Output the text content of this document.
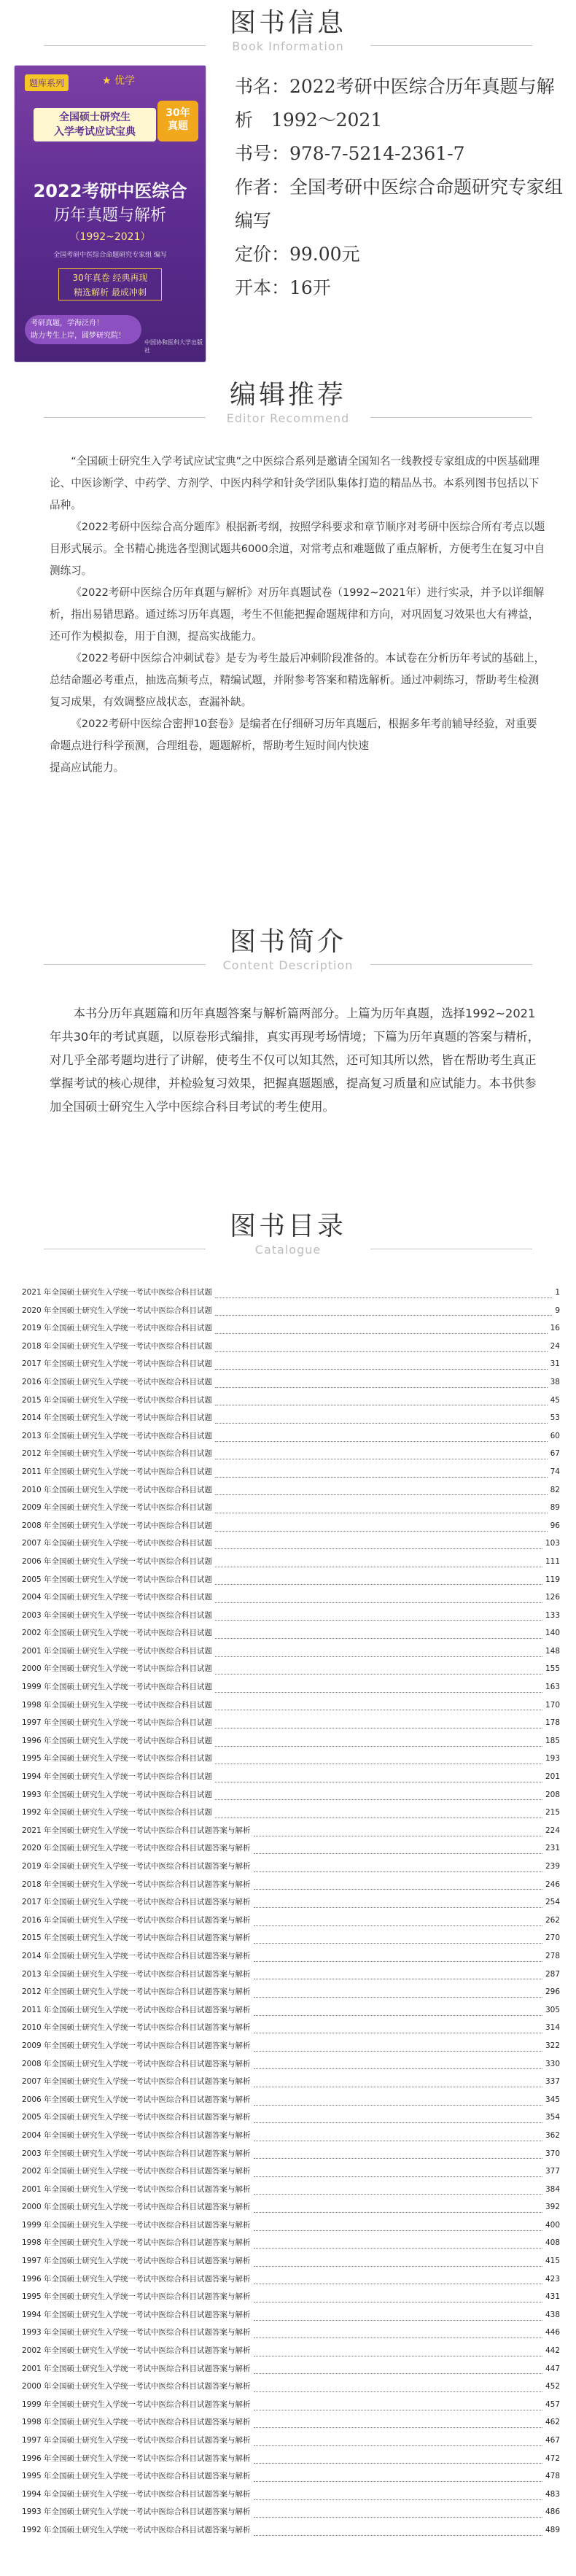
图书信息
Book Information
题库系列	★ 优学
全国硕士研究生
入学考试应试宝典
30年
真题
2022考研中医综合
历年真题与解析
（1992~2021）
全国考研中医综合命题研究专家组 编写
30年真卷 经典再现
精选解析 最成冲刺
考研真题，学海泛舟！
助力考生上岸，圆梦研究院！
中国协和医科大学出版社
书名：2022考研中医综合历年真题与解析　1992～2021
书号：978-7-5214-2361-7
作者：全国考研中医综合命题研究专家组编写
定价：99.00元
开本：16开
编辑推荐
Editor Recommend

“全国硕士研究生入学考试应试宝典”之中医综合系列是邀请全国知名一线教授专家组成的中医基础理论、中医诊断学、中药学、方剂学、中医内科学和针灸学团队集体打造的精品丛书。本系列图书包括以下品种。

《2022考研中医综合高分题库》根据新考纲，按照学科要求和章节顺序对考研中医综合所有考点以题目形式展示。全书精心挑选各型测试题共6000余道，对常考点和难题做了重点解析，方便考生在复习中自测练习。

《2022考研中医综合历年真题与解析》对历年真题试卷（1992~2021年）进行实录，并予以详细解析，指出易错思路。通过练习历年真题，考生不但能把握命题规律和方向，对巩固复习效果也大有裨益，还可作为模拟卷，用于自测，提高实战能力。

《2022考研中医综合冲刺试卷》是专为考生最后冲刺阶段准备的。本试卷在分析历年考试的基础上，总结命题必考重点，抽选高频考点，精编试题，并附参考答案和精选解析。通过冲刺练习，帮助考生检测复习成果，有效调整应战状态，查漏补缺。

《2022考研中医综合密押10套卷》是编者在仔细研习历年真题后，根据多年考前辅导经验，对重要命题点进行科学预测，合理组卷，题题解析，帮助考生短时间内快速

提高应试能力。

图书简介
Content Description

本书分历年真题篇和历年真题答案与解析篇两部分。上篇为历年真题，选择1992~2021年共30年的考试真题，以原卷形式编排，真实再现考场情境；下篇为历年真题的答案与精析，对几乎全部考题均进行了讲解，使考生不仅可以知其然，还可知其所以然，皆在帮助考生真正掌握考试的核心规律，并检验复习效果，把握真题题感，提高复习质量和应试能力。本书供参加全国硕士研究生入学中医综合科目考试的考生使用。

图书目录
Catalogue
2021 年全国硕士研究生入学统一考试中医综合科目试题	1
2020 年全国硕士研究生入学统一考试中医综合科目试题	9
2019 年全国硕士研究生入学统一考试中医综合科目试题	16
2018 年全国硕士研究生入学统一考试中医综合科目试题	24
2017 年全国硕士研究生入学统一考试中医综合科目试题	31
2016 年全国硕士研究生入学统一考试中医综合科目试题	38
2015 年全国硕士研究生入学统一考试中医综合科目试题	45
2014 年全国硕士研究生入学统一考试中医综合科目试题	53
2013 年全国硕士研究生入学统一考试中医综合科目试题	60
2012 年全国硕士研究生入学统一考试中医综合科目试题	67
2011 年全国硕士研究生入学统一考试中医综合科目试题	74
2010 年全国硕士研究生入学统一考试中医综合科目试题	82
2009 年全国硕士研究生入学统一考试中医综合科目试题	89
2008 年全国硕士研究生入学统一考试中医综合科目试题	96
2007 年全国硕士研究生入学统一考试中医综合科目试题	103
2006 年全国硕士研究生入学统一考试中医综合科目试题	111
2005 年全国硕士研究生入学统一考试中医综合科目试题	119
2004 年全国硕士研究生入学统一考试中医综合科目试题	126
2003 年全国硕士研究生入学统一考试中医综合科目试题	133
2002 年全国硕士研究生入学统一考试中医综合科目试题	140
2001 年全国硕士研究生入学统一考试中医综合科目试题	148
2000 年全国硕士研究生入学统一考试中医综合科目试题	155
1999 年全国硕士研究生入学统一考试中医综合科目试题	163
1998 年全国硕士研究生入学统一考试中医综合科目试题	170
1997 年全国硕士研究生入学统一考试中医综合科目试题	178
1996 年全国硕士研究生入学统一考试中医综合科目试题	185
1995 年全国硕士研究生入学统一考试中医综合科目试题	193
1994 年全国硕士研究生入学统一考试中医综合科目试题	201
1993 年全国硕士研究生入学统一考试中医综合科目试题	208
1992 年全国硕士研究生入学统一考试中医综合科目试题	215
2021 年全国硕士研究生入学统一考试中医综合科目试题答案与解析	224
2020 年全国硕士研究生入学统一考试中医综合科目试题答案与解析	231
2019 年全国硕士研究生入学统一考试中医综合科目试题答案与解析	239
2018 年全国硕士研究生入学统一考试中医综合科目试题答案与解析	246
2017 年全国硕士研究生入学统一考试中医综合科目试题答案与解析	254
2016 年全国硕士研究生入学统一考试中医综合科目试题答案与解析	262
2015 年全国硕士研究生入学统一考试中医综合科目试题答案与解析	270
2014 年全国硕士研究生入学统一考试中医综合科目试题答案与解析	278
2013 年全国硕士研究生入学统一考试中医综合科目试题答案与解析	287
2012 年全国硕士研究生入学统一考试中医综合科目试题答案与解析	296
2011 年全国硕士研究生入学统一考试中医综合科目试题答案与解析	305
2010 年全国硕士研究生入学统一考试中医综合科目试题答案与解析	314
2009 年全国硕士研究生入学统一考试中医综合科目试题答案与解析	322
2008 年全国硕士研究生入学统一考试中医综合科目试题答案与解析	330
2007 年全国硕士研究生入学统一考试中医综合科目试题答案与解析	337
2006 年全国硕士研究生入学统一考试中医综合科目试题答案与解析	345
2005 年全国硕士研究生入学统一考试中医综合科目试题答案与解析	354
2004 年全国硕士研究生入学统一考试中医综合科目试题答案与解析	362
2003 年全国硕士研究生入学统一考试中医综合科目试题答案与解析	370
2002 年全国硕士研究生入学统一考试中医综合科目试题答案与解析	377
2001 年全国硕士研究生入学统一考试中医综合科目试题答案与解析	384
2000 年全国硕士研究生入学统一考试中医综合科目试题答案与解析	392
1999 年全国硕士研究生入学统一考试中医综合科目试题答案与解析	400
1998 年全国硕士研究生入学统一考试中医综合科目试题答案与解析	408
1997 年全国硕士研究生入学统一考试中医综合科目试题答案与解析	415
1996 年全国硕士研究生入学统一考试中医综合科目试题答案与解析	423
1995 年全国硕士研究生入学统一考试中医综合科目试题答案与解析	431
1994 年全国硕士研究生入学统一考试中医综合科目试题答案与解析	438
1993 年全国硕士研究生入学统一考试中医综合科目试题答案与解析	446
2002 年全国硕士研究生入学统一考试中医综合科目试题答案与解析	442
2001 年全国硕士研究生入学统一考试中医综合科目试题答案与解析	447
2000 年全国硕士研究生入学统一考试中医综合科目试题答案与解析	452
1999 年全国硕士研究生入学统一考试中医综合科目试题答案与解析	457
1998 年全国硕士研究生入学统一考试中医综合科目试题答案与解析	462
1997 年全国硕士研究生入学统一考试中医综合科目试题答案与解析	467
1996 年全国硕士研究生入学统一考试中医综合科目试题答案与解析	472
1995 年全国硕士研究生入学统一考试中医综合科目试题答案与解析	478
1994 年全国硕士研究生入学统一考试中医综合科目试题答案与解析	483
1993 年全国硕士研究生入学统一考试中医综合科目试题答案与解析	486
1992 年全国硕士研究生入学统一考试中医综合科目试题答案与解析	489
